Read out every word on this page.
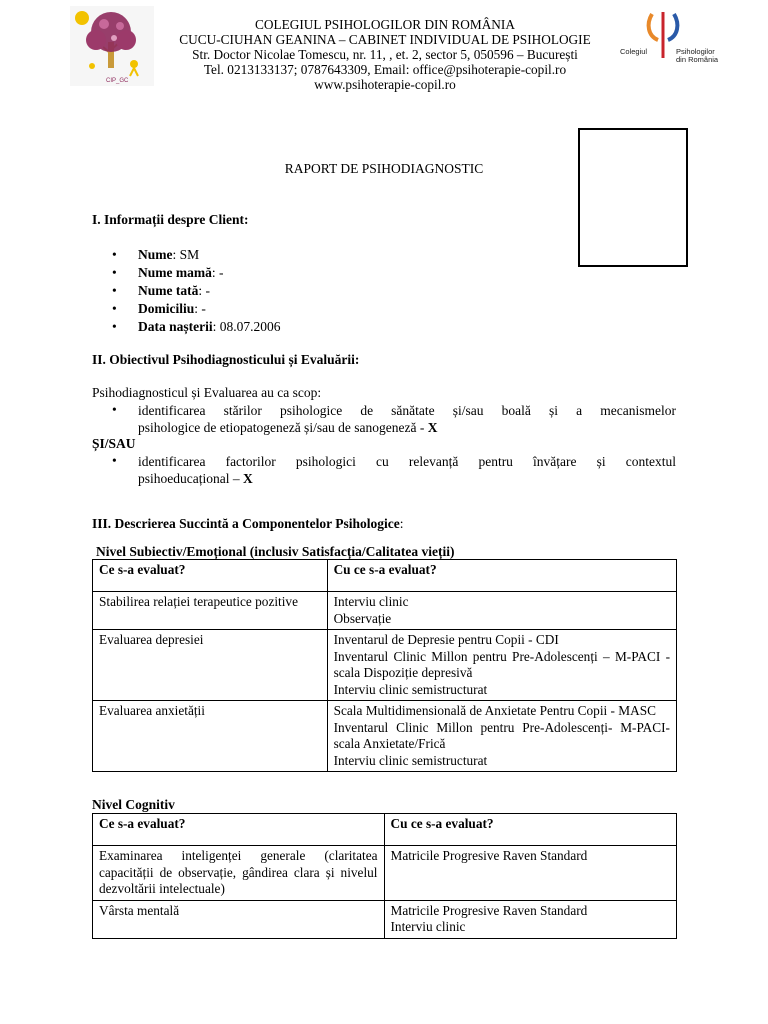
CIP_GC
COLEGIUL PSIHOLOGILOR DIN ROMÂNIA
CUCU-CIUHAN GEANINA – CABINET INDIVIDUAL DE PSIHOLOGIE
Str. Doctor Nicolae Tomescu, nr. 11, , et. 2, sector 5, 050596 – București
Tel. 0213133137; 0787643309, Email: office@psihoterapie-copil.ro
www.psihoterapie-copil.ro
Colegiul	Psihologilor
din România
RAPORT DE PSIHODIAGNOSTIC
I. Informații despre Client:
• Nume: SM
• Nume mamă: -
• Nume tată: -
• Domiciliu: -
• Data nașterii: 08.07.2006
II. Obiectivul Psihodiagnosticului și Evaluării:
Psihodiagnosticul și Evaluarea au ca scop:
• identificarea stărilor psihologice de sănătate și/sau boală și a mecanismelor
psihologice de etiopatogeneză și/sau de sanogeneză - X
ȘI/SAU
• identificarea factorilor psihologici cu relevanță pentru învățare și contextul
psihoeducațional – X
III. Descrierea Succintă a Componentelor Psihologice:
Nivel Subiectiv/Emoțional (inclusiv Satisfacția/Calitatea vieții)
Ce s-a evaluat?	Cu ce s-a evaluat?
Stabilirea relației terapeutice pozitive	Interviu clinic
Observație

Evaluarea depresiei	Inventarul de Depresie pentru Copii - CDI
Inventarul Clinic Millon pentru Pre-Adolescenți – M-PACI - scala Dispoziție depresivă
Interviu clinic semistructurat

Evaluarea anxietății	Scala Multidimensională de Anxietate Pentru Copii - MASC
Inventarul Clinic Millon pentru Pre-Adolescenți- M-PACI- scala Anxietate/Frică
Interviu clinic semistructurat
Nivel Cognitiv
Ce s-a evaluat?	Cu ce s-a evaluat?
Examinarea inteligenței generale (claritatea capacității de observație, gândirea clara și nivelul dezvoltării intelectuale)	Matricile Progresive Raven Standard

Vârsta mentală	Matricile Progresive Raven Standard
Interviu clinic
